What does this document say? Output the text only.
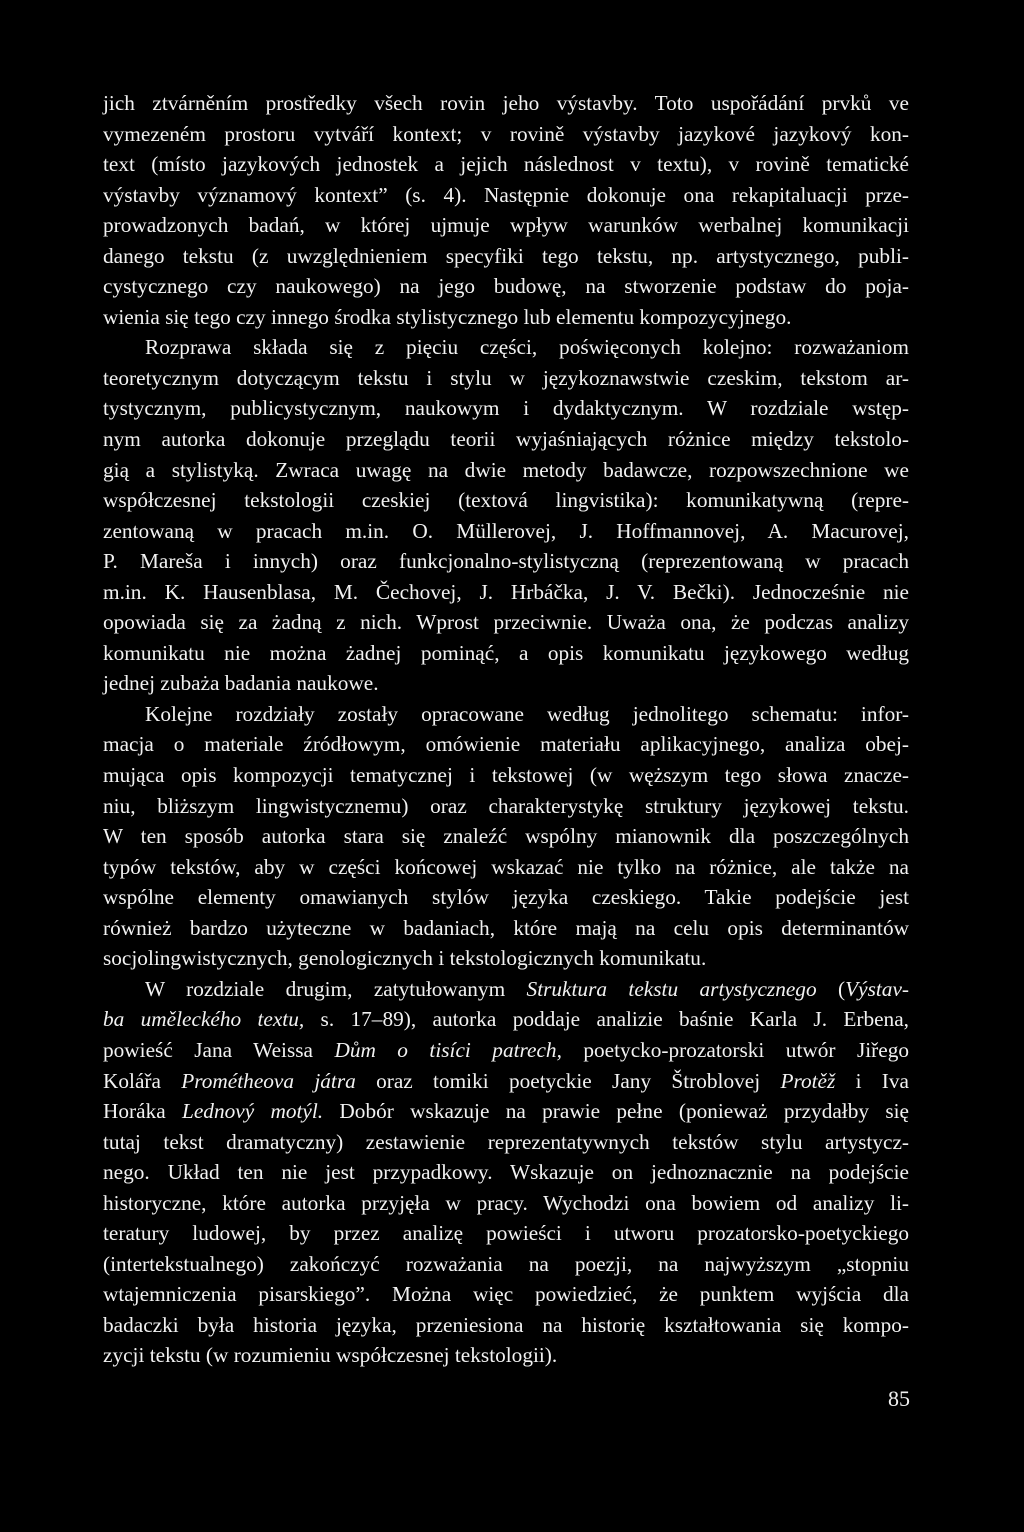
jich ztvárněním prostředky všech rovin jeho výstavby. Toto uspořádání prvků ve
vymezeném prostoru vytváří kontext; v rovině výstavby jazykové jazykový kon-
text (místo jazykových jednostek a jejich následnost v textu), v rovině tematické
výstavby významový kontext” (s. 4). Następnie dokonuje ona rekapitaluacji prze-
prowadzonych badań, w której ujmuje wpływ warunków werbalnej komunikacji
danego tekstu (z uwzględnieniem specyfiki tego tekstu, np. artystycznego, publi-
cystycznego czy naukowego) na jego budowę, na stworzenie podstaw do poja-
wienia się tego czy innego środka stylistycznego lub elementu kompozycyjnego.
Rozprawa składa się z pięciu części, poświęconych kolejno: rozważaniom
teoretycznym dotyczącym tekstu i stylu w językoznawstwie czeskim, tekstom ar-
tystycznym, publicystycznym, naukowym i dydaktycznym. W rozdziale wstęp-
nym autorka dokonuje przeglądu teorii wyjaśniających różnice między tekstolo-
gią a stylistyką. Zwraca uwagę na dwie metody badawcze, rozpowszechnione we
współczesnej tekstologii czeskiej (textová lingvistika): komunikatywną (repre-
zentowaną w pracach m.in. O. Müllerovej, J. Hoffmannovej, A. Macurovej,
P. Mareša i innych) oraz funkcjonalno-stylistyczną (reprezentowaną w pracach
m.in. K. Hausenblasa, M. Čechovej, J. Hrbáčka, J. V. Bečki). Jednocześnie nie
opowiada się za żadną z nich. Wprost przeciwnie. Uważa ona, że podczas analizy
komunikatu nie można żadnej pominąć, a opis komunikatu językowego według
jednej zubaża badania naukowe.
Kolejne rozdziały zostały opracowane według jednolitego schematu: infor-
macja o materiale źródłowym, omówienie materiału aplikacyjnego, analiza obej-
mująca opis kompozycji tematycznej i tekstowej (w węższym tego słowa znacze-
niu, bliższym lingwistycznemu) oraz charakterystykę struktury językowej tekstu.
W ten sposób autorka stara się znaleźć wspólny mianownik dla poszczególnych
typów tekstów, aby w części końcowej wskazać nie tylko na różnice, ale także na
wspólne elementy omawianych stylów języka czeskiego. Takie podejście jest
również bardzo użyteczne w badaniach, które mają na celu opis determinantów
socjolingwistycznych, genologicznych i tekstologicznych komunikatu.
W rozdziale drugim, zatytułowanym Struktura tekstu artystycznego (Výstav-
ba uměleckého textu, s. 17–89), autorka poddaje analizie baśnie Karla J. Erbena,
powieść Jana Weissa Dům o tisíci patrech, poetycko-prozatorski utwór Jiřego
Kolářa Prométheova játra oraz tomiki poetyckie Jany Štroblovej Protěž i Iva
Horáka Lednový motýl. Dobór wskazuje na prawie pełne (ponieważ przydałby się
tutaj tekst dramatyczny) zestawienie reprezentatywnych tekstów stylu artystycz-
nego. Układ ten nie jest przypadkowy. Wskazuje on jednoznacznie na podejście
historyczne, które autorka przyjęła w pracy. Wychodzi ona bowiem od analizy li-
teratury ludowej, by przez analizę powieści i utworu prozatorsko-poetyckiego
(intertekstualnego) zakończyć rozważania na poezji, na najwyższym „stopniu
wtajemniczenia pisarskiego”. Można więc powiedzieć, że punktem wyjścia dla
badaczki była historia języka, przeniesiona na historię kształtowania się kompo-
zycji tekstu (w rozumieniu współczesnej tekstologii).
85
